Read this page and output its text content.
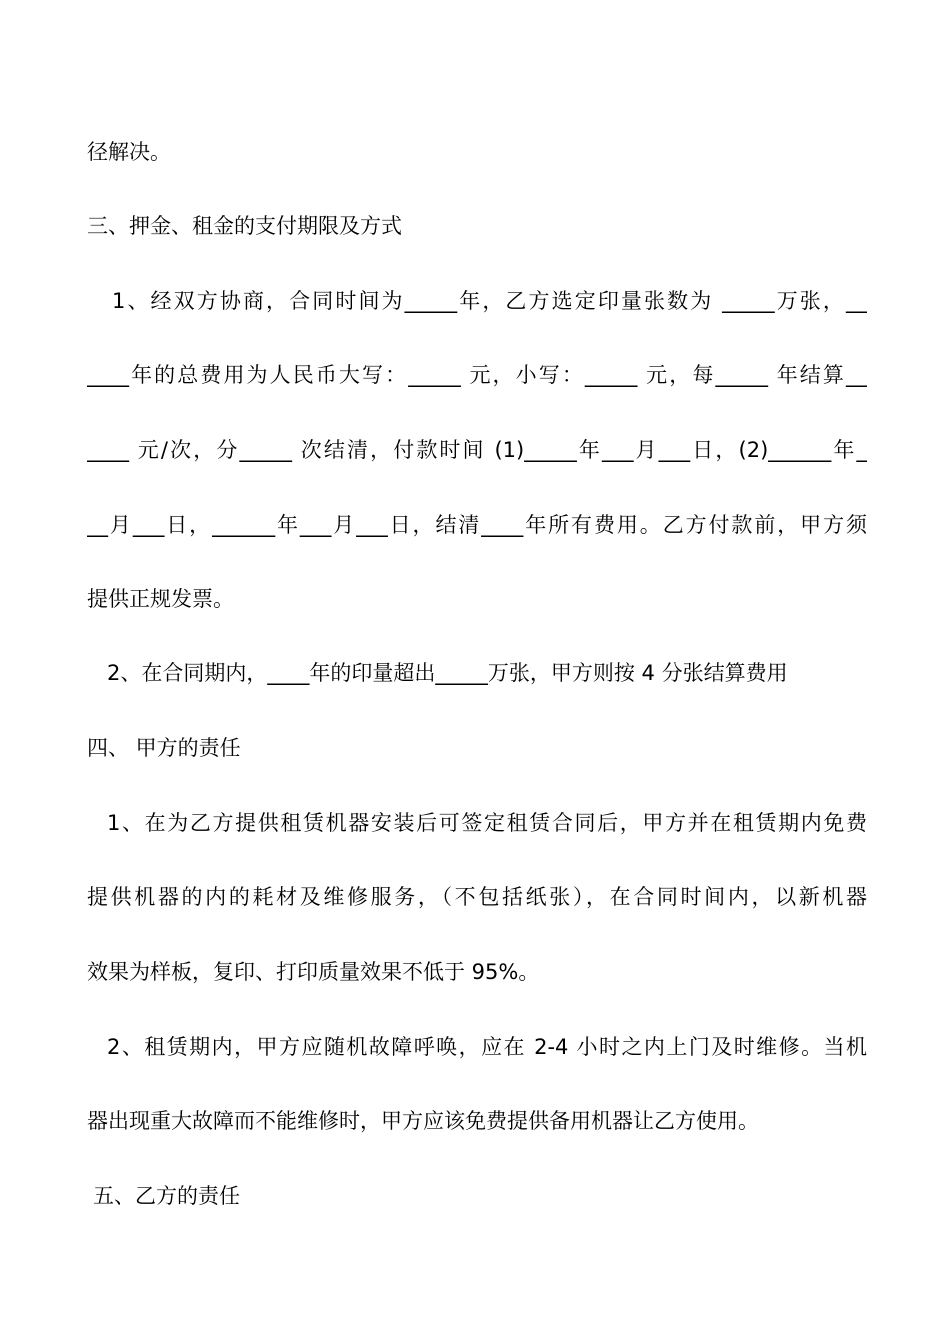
径解决。
三、押金、租金的支付期限及方式
1、经双方协商，合同时间为_____年，乙方选定印量张数为 _____万张，__
____年的总费用为人民币大写：_____ 元，小写：_____ 元，每_____ 年结算__
____ 元/次，分_____ 次结清，付款时间 (1)_____年___月___日，(2)______年_
__月___日，______年___月___日，结清____年所有费用。乙方付款前，甲方须
提供正规发票。
2、在合同期内，____年的印量超出_____万张，甲方则按 4 分张结算费用
四、 甲方的责任
1、在为乙方提供租赁机器安装后可签定租赁合同后，甲方并在租赁期内免费
提供机器的内的耗材及维修服务，（不包括纸张），在合同时间内，以新机器
效果为样板，复印、打印质量效果不低于 95%。
2、租赁期内，甲方应随机故障呼唤，应在 2-4 小时之内上门及时维修。当机
器出现重大故障而不能维修时，甲方应该免费提供备用机器让乙方使用。
五、乙方的责任
